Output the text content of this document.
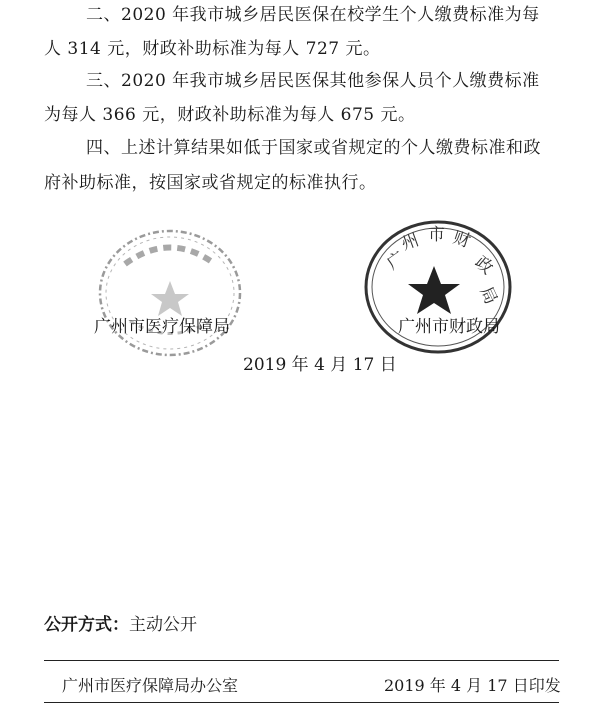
二、2020 年我市城乡居民医保在校学生个人缴费标准为每
人 314 元，财政补助标准为每人 727 元。
三、2020 年我市城乡居民医保其他参保人员个人缴费标准
为每人 366 元，财政补助标准为每人 675 元。
四、上述计算结果如低于国家或省规定的个人缴费标准和政
府补助标准，按国家或省规定的标准执行。
广
州 市 财
政
局
广州市医疗保障局	广州市财政局
2019 年 4 月 17 日
公开方式：主动公开
广州市医疗保障局办公室	2019 年 4 月 17 日印发
